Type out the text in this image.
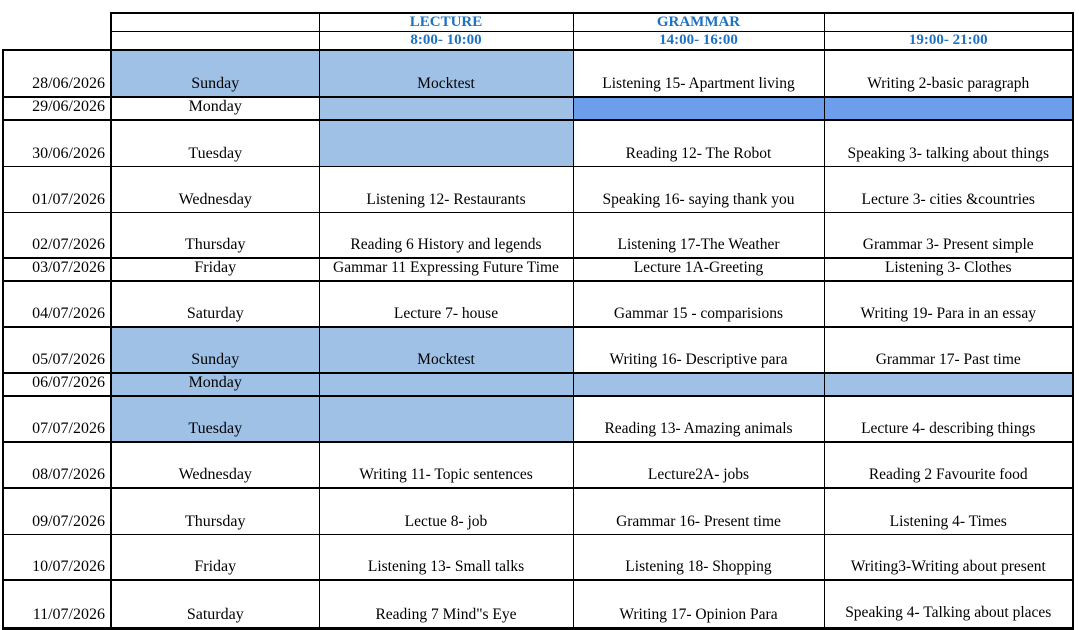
		LECTURE	GRAMMAR	
		8:00- 10:00	14:00- 16:00	19:00- 21:00
28/06/2026	Sunday	Mocktest	Listening 15- Apartment living	Writing 2-basic paragraph
29/06/2026	Monday			
30/06/2026	Tuesday		Reading 12- The Robot	Speaking 3- talking about things
01/07/2026	Wednesday	Listening 12- Restaurants	Speaking 16- saying thank you	Lecture 3- cities &countries
02/07/2026	Thursday	Reading 6 History and legends	Listening 17-The Weather	Grammar 3- Present simple
03/07/2026	Friday	Gammar 11 Expressing Future Time	Lecture 1A-Greeting	Listening 3- Clothes
04/07/2026	Saturday	Lecture 7- house	Gammar 15 - comparisions	Writing 19- Para in an essay
05/07/2026	Sunday	Mocktest	Writing 16- Descriptive para	Grammar 17- Past time
06/07/2026	Monday			
07/07/2026	Tuesday		Reading 13- Amazing animals	Lecture 4- describing things
08/07/2026	Wednesday	Writing 11- Topic sentences	Lecture2A- jobs	Reading 2 Favourite food
09/07/2026	Thursday	Lectue 8- job	Grammar 16- Present time	Listening 4- Times
10/07/2026	Friday	Listening 13- Small talks	Listening 18- Shopping	Writing3-Writing about present
11/07/2026	Saturday	Reading 7 Mind"s Eye	Writing 17- Opinion Para	Speaking 4- Talking about places
